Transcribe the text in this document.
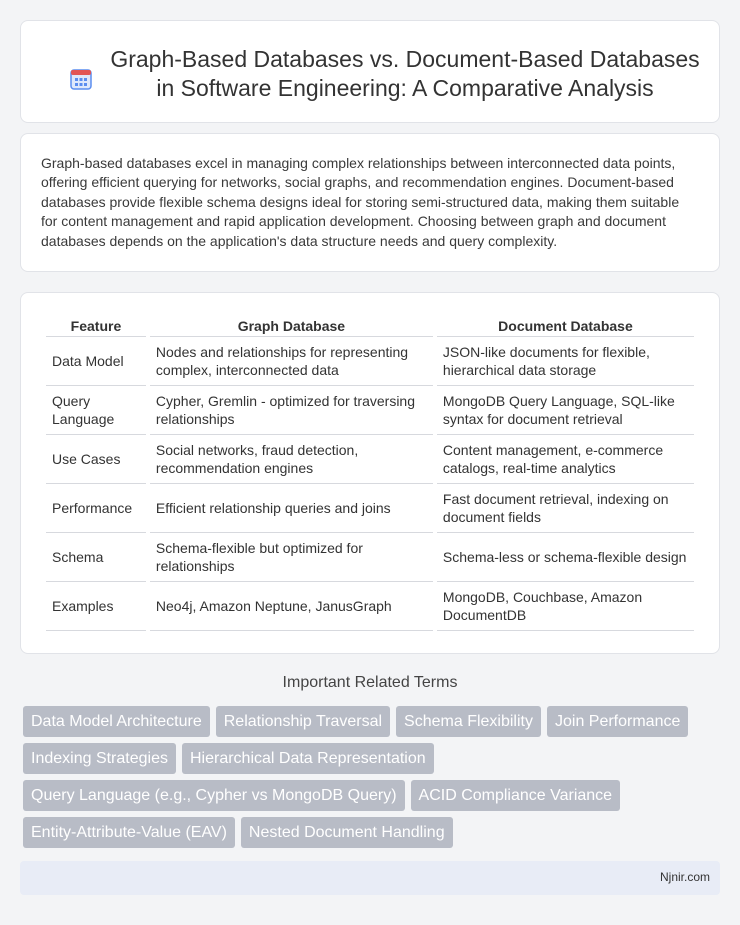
Graph-Based Databases vs. Document-Based Databases in Software Engineering: A Comparative Analysis

Graph-based databases excel in managing complex relationships between interconnected data points, offering efficient querying for networks, social graphs, and recommendation engines. Document-based databases provide flexible schema designs ideal for storing semi-structured data, making them suitable for content management and rapid application development. Choosing between graph and document databases depends on the application's data structure needs and query complexity.

Feature	Graph Database	Document Database
Data Model	Nodes and relationships for representing complex, interconnected data	JSON-like documents for flexible, hierarchical data storage
Query Language	Cypher, Gremlin - optimized for traversing relationships	MongoDB Query Language, SQL-like syntax for document retrieval
Use Cases	Social networks, fraud detection, recommendation engines	Content management, e-commerce catalogs, real-time analytics
Performance	Efficient relationship queries and joins	Fast document retrieval, indexing on document fields
Schema	Schema-flexible but optimized for relationships	Schema-less or schema-flexible design
Examples	Neo4j, Amazon Neptune, JanusGraph	MongoDB, Couchbase, Amazon DocumentDB
Important Related Terms
Data Model Architecture	Relationship Traversal	Schema Flexibility	Join Performance
Indexing Strategies	Hierarchical Data Representation
Query Language (e.g., Cypher vs MongoDB Query)	ACID Compliance Variance
Entity-Attribute-Value (EAV)	Nested Document Handling
Njnir.com
